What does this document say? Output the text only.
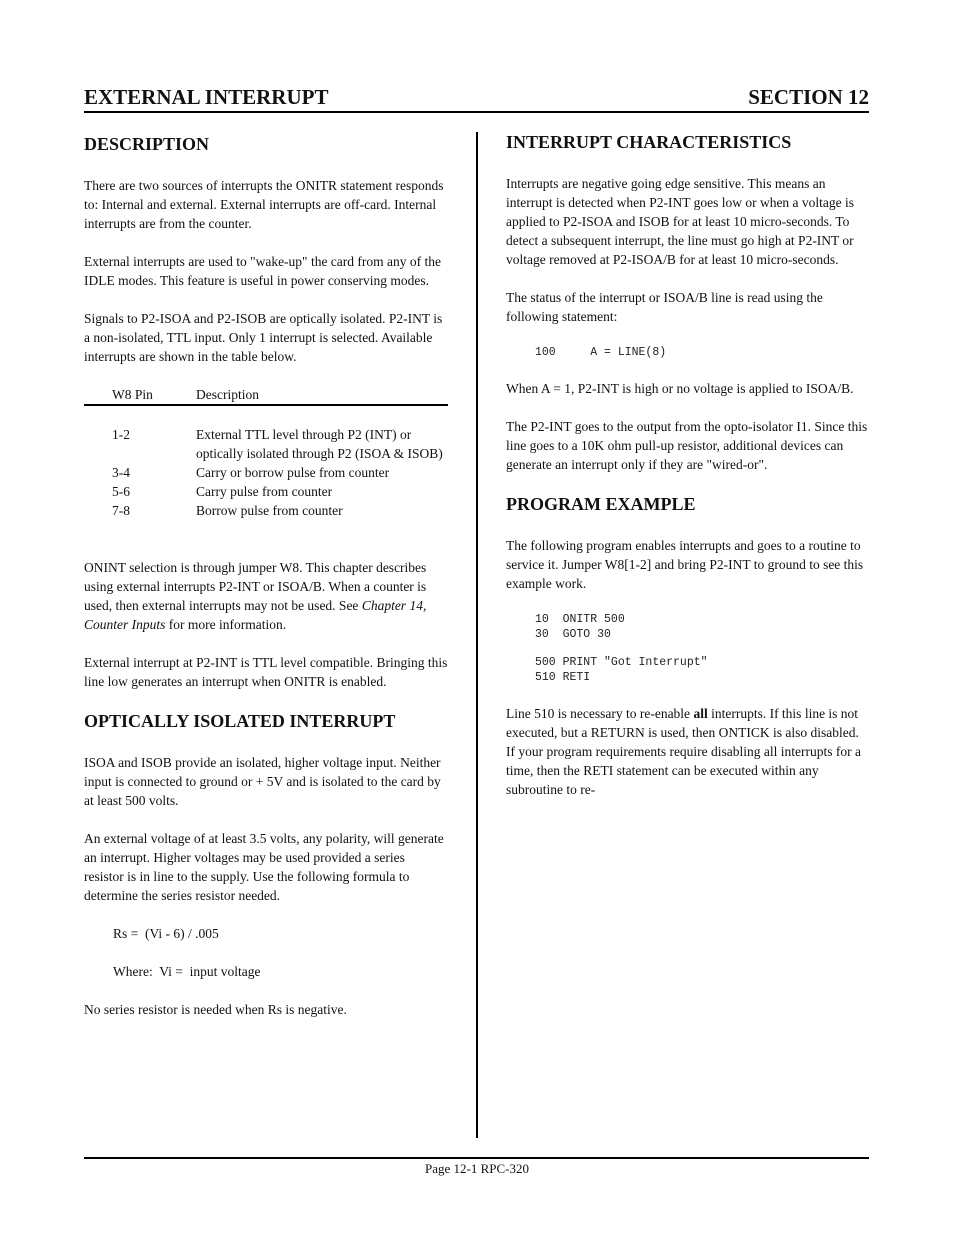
EXTERNAL INTERRUPT	SECTION 12
DESCRIPTION

There are two sources of interrupts the ONITR statement responds to: Internal and external. External interrupts are off-card. Internal interrupts are from the counter.

External interrupts are used to "wake-up" the card from any of the IDLE modes. This feature is useful in power conserving modes.

Signals to P2-ISOA and P2-ISOB are optically isolated. P2-INT is a non-isolated, TTL input. Only 1 interrupt is selected. Available interrupts are shown in the table below.

W8 Pin	Description

1-2	External TTL level through P2 (INT) or optically isolated through P2 (ISOA & ISOB)
3-4	Carry or borrow pulse from counter
5-6	Carry pulse from counter
7-8	Borrow pulse from counter

ONINT selection is through jumper W8. This chapter describes using external interrupts P2-INT or ISOA/B. When a counter is used, then external interrupts may not be used. See Chapter 14, Counter Inputs for more information.

External interrupt at P2-INT is TTL level compatible. Bringing this line low generates an interrupt when ONITR is enabled.

OPTICALLY ISOLATED INTERRUPT

ISOA and ISOB provide an isolated, higher voltage input. Neither input is connected to ground or + 5V and is isolated to the card by at least 500 volts.

An external voltage of at least 3.5 volts, any polarity, will generate an interrupt. Higher voltages may be used provided a series resistor is in line to the supply. Use the following formula to determine the series resistor needed.

Rs =  (Vi - 6) / .005
Where:  Vi =  input voltage

No series resistor is needed when Rs is negative.

INTERRUPT CHARACTERISTICS

Interrupts are negative going edge sensitive. This means an interrupt is detected when P2-INT goes low or when a voltage is applied to P2-ISOA and ISOB for at least 10 micro-seconds. To detect a subsequent interrupt, the line must go high at P2-INT or voltage removed at P2-ISOA/B for at least 10 micro-seconds.

The status of the interrupt or ISOA/B line is read using the following statement:

100     A = LINE(8)

When A = 1, P2-INT is high or no voltage is applied to ISOA/B.

The P2-INT goes to the output from the opto-isolator I1. Since this line goes to a 10K ohm pull-up resistor, additional devices can generate an interrupt only if they are "wired-or".

PROGRAM EXAMPLE

The following program enables interrupts and goes to a routine to service it. Jumper W8[1-2] and bring P2-INT to ground to see this example work.

10  ONITR 500
30  GOTO 30
500 PRINT "Got Interrupt"
510 RETI

Line 510 is necessary to re-enable all interrupts. If this line is not executed, but a RETURN is used, then ONTICK is also disabled. If your program requirements require disabling all interrupts for a time, then the RETI statement can be executed within any subroutine to re-

Page 12-1 RPC-320
